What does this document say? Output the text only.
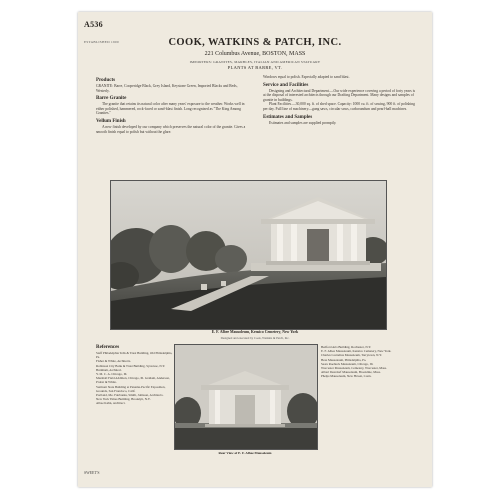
A536
ESTABLISHED 1900	COOK, WATKINS & PATCH, INC.
221 Columbus Avenue, BOSTON, MASS
IMPORTERS: GRANITES, MARBLES, ITALIAN AND AMERICAN STATUARY
PLANTS AT BARRE, VT.
Products

GRANITE: Barre, Cooperidge Black, Grey Island, Keystone Green, Imported Blacks and Reds, Westerly.

Barre Granite

The granite that retains its natural color after many years' exposure to the weather. Works well in either polished, hammered, rock-faced or sand-blast finish. Long recognized as "The King Among Granites."

Vellum Finish

A new finish developed by our company which preserves the natural color of the granite. Gives a smooth finish equal to polish but without the glare.

Windows equal to polish. Especially adapted to sand blast.

Service and Facilities

Designing and Architectural Department.—Our wide experience covering a period of forty years is at the disposal of interested architects through our Drafting Department. Many designs and samples of granite in buildings.

Plant Facilities.—30,000 sq. ft. of shed space. Capacity: 1000 cu. ft. of sawing, 900 ft. of polishing per day. Full line of machinery—gang saws, circular saws, carborundum and pearl-ball machines.

Estimates and Samples

Estimates and samples are supplied promptly.

E. F. Albee Mausoleum, Kensico Cemetery, New York
Designed and executed by Cook, Watkins & Patch, Inc.
References

Staff Philadelphia Tells & Trust Building, Old Philadelphia, Pa.

Fisher & White, Architects.

Robinson City Bank & Trust Building, Syracuse, N.Y. Burnham, Architect.

Y. M. C. A. Chicago, Ill.

Marshall Field Addition, Chicago, Ill. Graham, Anderson, Probst & White.

Vermont State Building at Panama-Pacific Exposition, Grounds, San Francisco, Calif.

Portland, Me. Fairbanks, Smith, Johnson, Architects.

New York Times Building, Brooklyn, N.Y.

Albee Kahn, Architect.

Rear View of E. F. Albee Mausoleum

Bedford Arts Building, Rochester, N.Y.

E. F. Albee Mausoleum, Kensico Cemetery, New York.

Charles Cornelius Mausoleum, Tarrytown, N.Y.

Hess Mausoleum, Philadelphia, Pa.

Sears Roebuck Mausoleum, Chicago, Ill.

Worcester Mausoleum, Cemetery, Worcester, Mass.

Albert Deardorf Mausoleum, Brookline, Mass.

Phelps Mausoleum, New Haven, Conn.

SWEET'S
